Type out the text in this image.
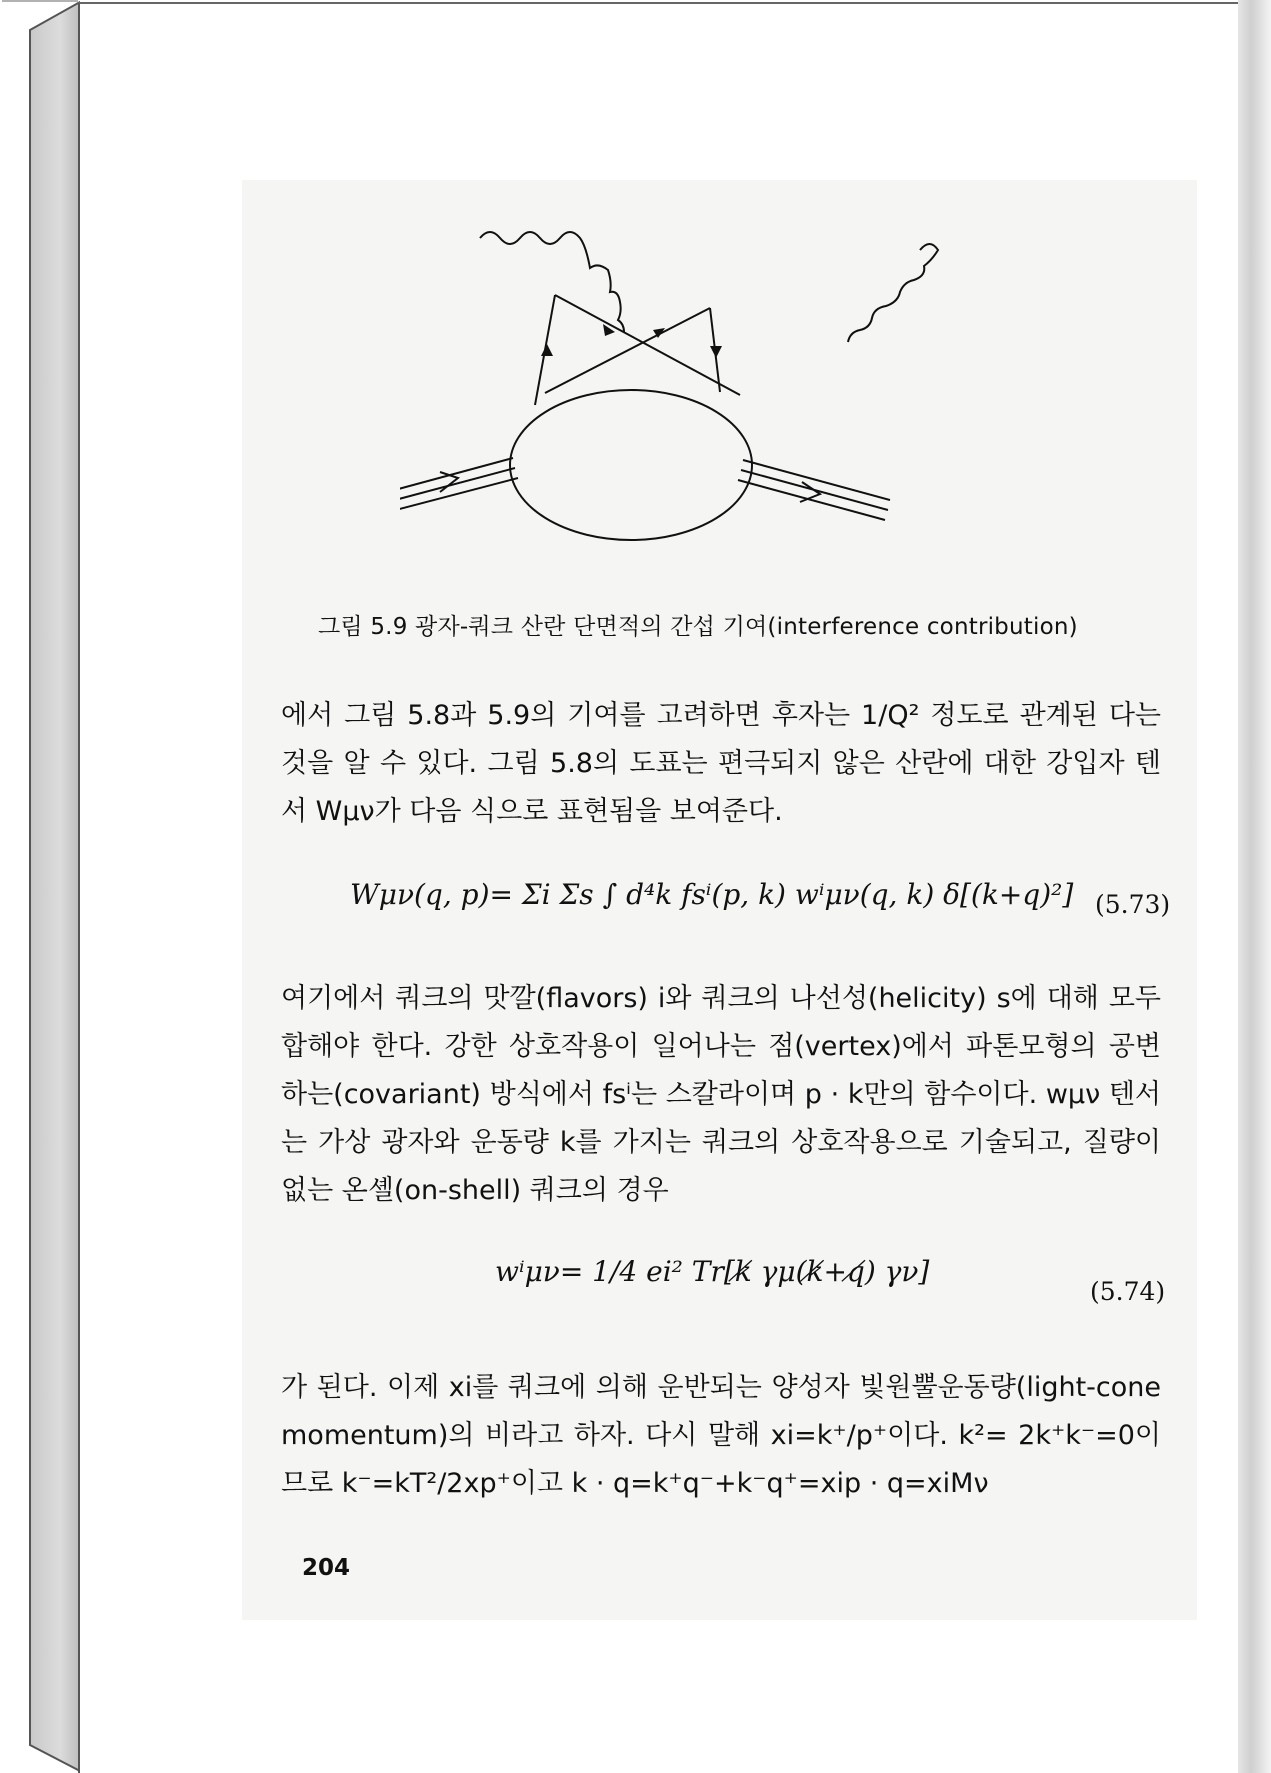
그림 5.9 광자-쿼크 산란 단면적의 간섭 기여(interference contribution)

에서 그림 5.8과 5.9의 기여를 고려하면 후자는 1/Q² 정도로 관계된 다는 것을 알 수 있다. 그림 5.8의 도표는 편극되지 않은 산란에 대한 강입자 텐서 Wμν가 다음 식으로 표현됨을 보여준다.

Wμν(q, p)= Σi Σs ∫ d⁴k fsⁱ(p, k) wⁱμν(q, k) δ[(k+q)²] (5.73)

여기에서 쿼크의 맛깔(flavors) i와 쿼크의 나선성(helicity) s에 대해 모두 합해야 한다. 강한 상호작용이 일어나는 점(vertex)에서 파톤모형의 공변하는(covariant) 방식에서 fsⁱ는 스칼라이며 p · k만의 함수이다. wμν 텐서는 가상 광자와 운동량 k를 가지는 쿼크의 상호작용으로 기술되고, 질량이 없는 온셸(on-shell) 쿼크의 경우

wⁱμν= 1/4 ei² Tr[k̸ γμ(k̸+q̸) γν]
(5.74)

가 된다. 이제 xi를 쿼크에 의해 운반되는 양성자 빛원뿔운동량(light-cone momentum)의 비라고 하자. 다시 말해 xi=k⁺/p⁺이다. k²= 2k⁺k⁻=0이므로 k⁻=kT²/2xp⁺이고 k · q=k⁺q⁻+k⁻q⁺=xip · q=xiMν

204
